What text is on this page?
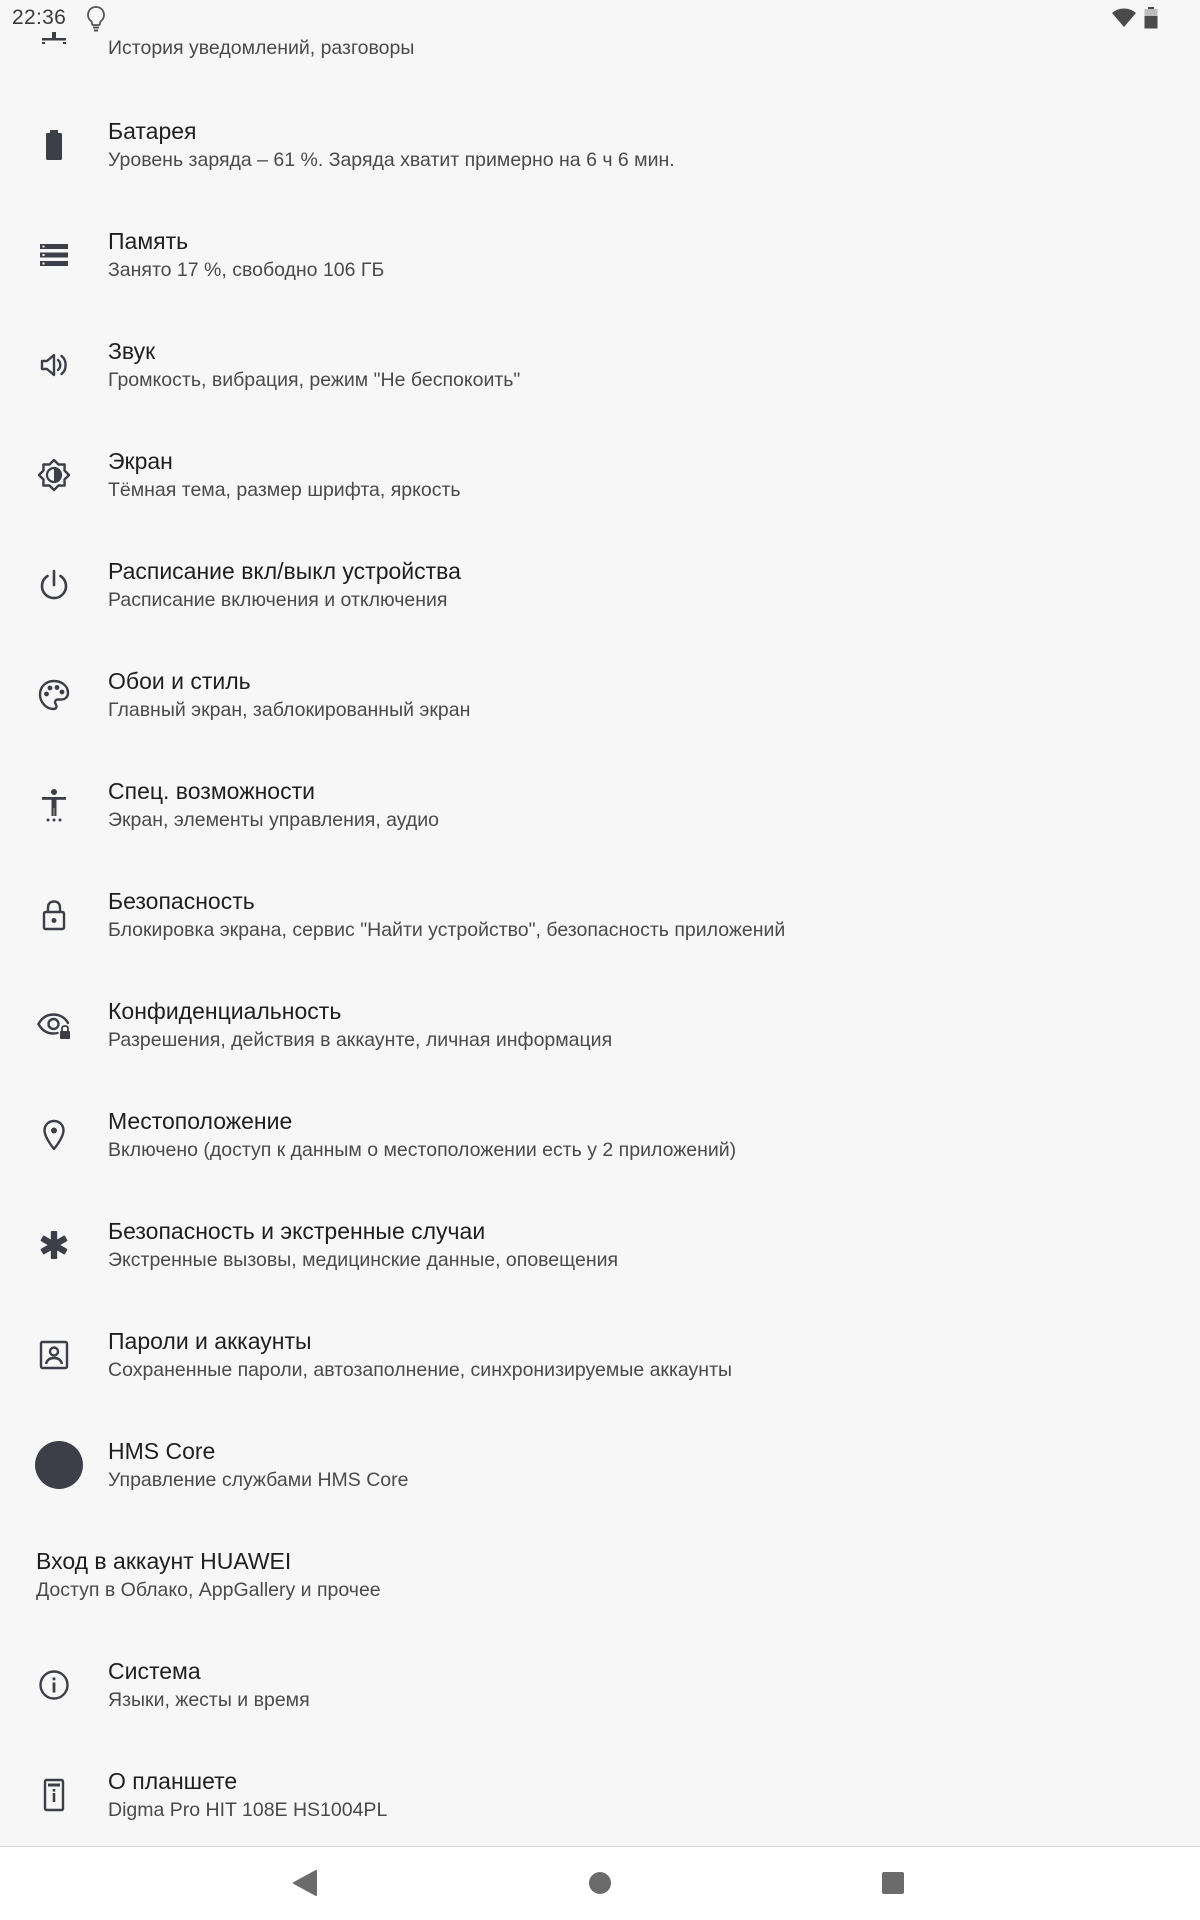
22:36
История уведомлений, разговоры
Батарея
Уровень заряда – 61 %. Заряда хватит примерно на 6 ч 6 мин.
Память
Занято 17 %, свободно 106 ГБ
Звук
Громкость, вибрация, режим "Не беспокоить"
Экран
Тёмная тема, размер шрифта, яркость
Расписание вкл/выкл устройства
Расписание включения и отключения
Обои и стиль
Главный экран, заблокированный экран
Спец. возможности
Экран, элементы управления, аудио
Безопасность
Блокировка экрана, сервис "Найти устройство", безопасность приложений
Конфиденциальность
Разрешения, действия в аккаунте, личная информация
Местоположение
Включено (доступ к данным о местоположении есть у 2 приложений)
Безопасность и экстренные случаи
Экстренные вызовы, медицинские данные, оповещения
Пароли и аккаунты
Сохраненные пароли, автозаполнение, синхронизируемые аккаунты
HMS Core
Управление службами HMS Core
Вход в аккаунт HUAWEI
Доступ в Облако, AppGallery и прочее
Система
Языки, жесты и время
О планшете
Digma Pro HIT 108E HS1004PL
